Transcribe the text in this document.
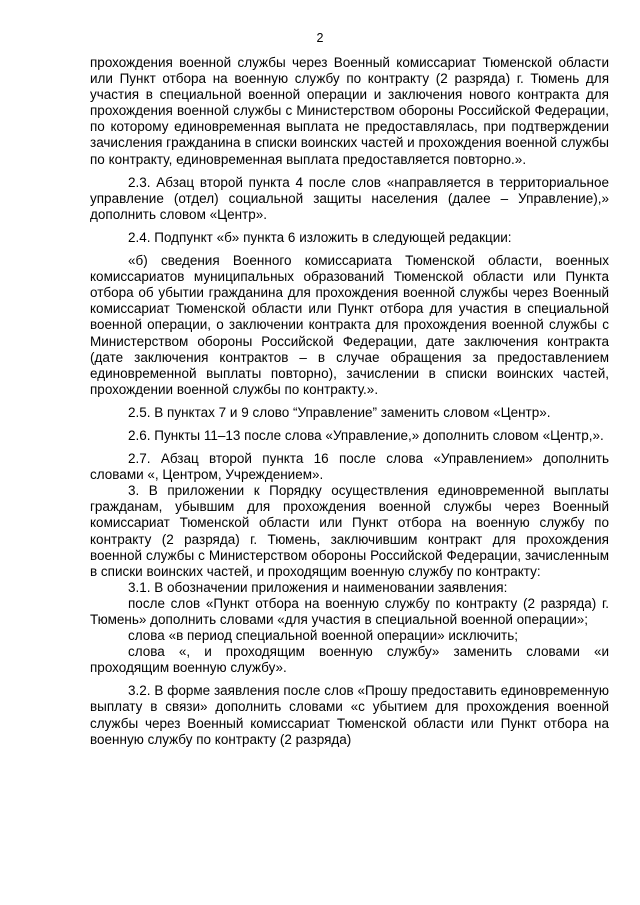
2

прохождения военной службы через Военный комиссариат Тюменской области или Пункт отбора на военную службу по контракту (2 разряда) г. Тюмень для участия в специальной военной операции и заключения нового контракта для прохождения военной службы с Министерством обороны Российской Федерации, по которому единовременная выплата не предоставлялась, при подтверждении зачисления гражданина в списки воинских частей и прохождения военной службы по контракту, единовременная выплата предоставляется повторно.».

2.3. Абзац второй пункта 4 после слов «направляется в территориальное управление (отдел) социальной защиты населения (далее – Управление),» дополнить словом «Центр».

2.4. Подпункт «б» пункта 6 изложить в следующей редакции:

«б) сведения Военного комиссариата Тюменской области, военных комиссариатов муниципальных образований Тюменской области или Пункта отбора об убытии гражданина для прохождения военной службы через Военный комиссариат Тюменской области или Пункт отбора для участия в специальной военной операции, о заключении контракта для прохождения военной службы с Министерством обороны Российской Федерации, дате заключения контракта (дате заключения контрактов – в случае обращения за предоставлением единовременной выплаты повторно), зачислении в списки воинских частей, прохождении военной службы по контракту.».

2.5. В пунктах 7 и 9 слово “Управление” заменить словом «Центр».

2.6. Пункты 11–13 после слова «Управление,» дополнить словом «Центр,».

2.7. Абзац второй пункта 16 после слова «Управлением» дополнить словами «, Центром, Учреждением».

3. В приложении к Порядку осуществления единовременной выплаты гражданам, убывшим для прохождения военной службы через Военный комиссариат Тюменской области или Пункт отбора на военную службу по контракту (2 разряда) г. Тюмень, заключившим контракт для прохождения военной службы с Министерством обороны Российской Федерации, зачисленным в списки воинских частей, и проходящим военную службу по контракту:

3.1. В обозначении приложения и наименовании заявления:

после слов «Пункт отбора на военную службу по контракту (2 разряда) г. Тюмень» дополнить словами «для участия в специальной военной операции»;

слова «в период специальной военной операции» исключить;

слова «, и проходящим военную службу» заменить словами «и проходящим военную службу».

3.2. В форме заявления после слов «Прошу предоставить единовременную выплату в связи» дополнить словами «с убытием для прохождения военной службы через Военный комиссариат Тюменской области или Пункт отбора на военную службу по контракту (2 разряда)
